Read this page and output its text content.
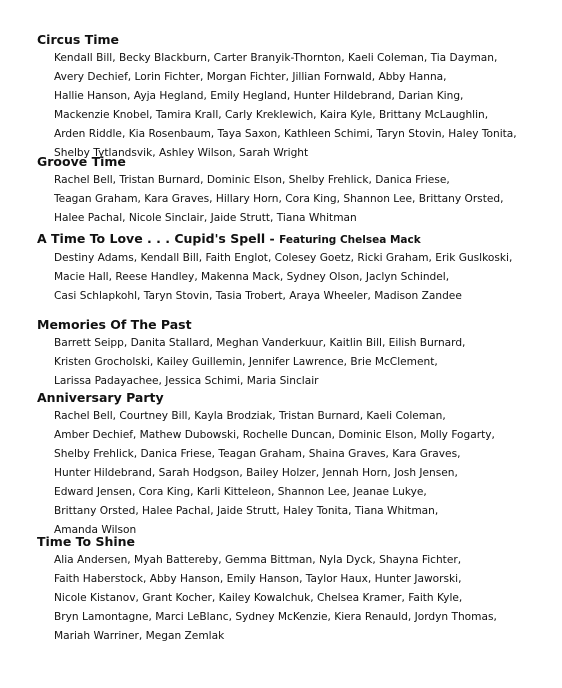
Circus Time
Kendall Bill, Becky Blackburn, Carter Branyik-Thornton, Kaeli Coleman, Tia Dayman,
Avery Dechief, Lorin Fichter, Morgan Fichter, Jillian Fornwald, Abby Hanna,
Hallie Hanson, Ayja Hegland, Emily Hegland, Hunter Hildebrand, Darian King,
Mackenzie Knobel, Tamira Krall, Carly Kreklewich, Kaira Kyle, Brittany McLaughlin,
Arden Riddle, Kia Rosenbaum, Taya Saxon, Kathleen Schimi, Taryn Stovin, Haley Tonita,
Shelby Tytlandsvik, Ashley Wilson, Sarah Wright
Groove Time
Rachel Bell, Tristan Burnard, Dominic Elson, Shelby Frehlick, Danica Friese,
Teagan Graham, Kara Graves, Hillary Horn, Cora King, Shannon Lee, Brittany Orsted,
Halee Pachal, Nicole Sinclair, Jaide Strutt, Tiana Whitman
A Time To Love . . . Cupid's Spell - Featuring Chelsea Mack
Destiny Adams, Kendall Bill, Faith Englot, Colesey Goetz, Ricki Graham, Erik Guslkoski,
Macie Hall, Reese Handley, Makenna Mack, Sydney Olson, Jaclyn Schindel,
Casi Schlapkohl, Taryn Stovin, Tasia Trobert, Araya Wheeler, Madison Zandee
Memories Of The Past
Barrett Seipp, Danita Stallard, Meghan Vanderkuur, Kaitlin Bill, Eilish Burnard,
Kristen Grocholski, Kailey Guillemin, Jennifer Lawrence, Brie McClement,
Larissa Padayachee, Jessica Schimi, Maria Sinclair
Anniversary Party
Rachel Bell, Courtney Bill, Kayla Brodziak, Tristan Burnard, Kaeli Coleman,
Amber Dechief, Mathew Dubowski, Rochelle Duncan, Dominic Elson, Molly Fogarty,
Shelby Frehlick, Danica Friese, Teagan Graham, Shaina Graves, Kara Graves,
Hunter Hildebrand, Sarah Hodgson, Bailey Holzer, Jennah Horn, Josh Jensen,
Edward Jensen, Cora King, Karli Kitteleon, Shannon Lee, Jeanae Lukye,
Brittany Orsted, Halee Pachal, Jaide Strutt, Haley Tonita, Tiana Whitman,
Amanda Wilson
Time To Shine
Alia Andersen, Myah Battereby, Gemma Bittman, Nyla Dyck, Shayna Fichter,
Faith Haberstock, Abby Hanson, Emily Hanson, Taylor Haux, Hunter Jaworski,
Nicole Kistanov, Grant Kocher, Kailey Kowalchuk, Chelsea Kramer, Faith Kyle,
Bryn Lamontagne, Marci LeBlanc, Sydney McKenzie, Kiera Renauld, Jordyn Thomas,
Mariah Warriner, Megan Zemlak
